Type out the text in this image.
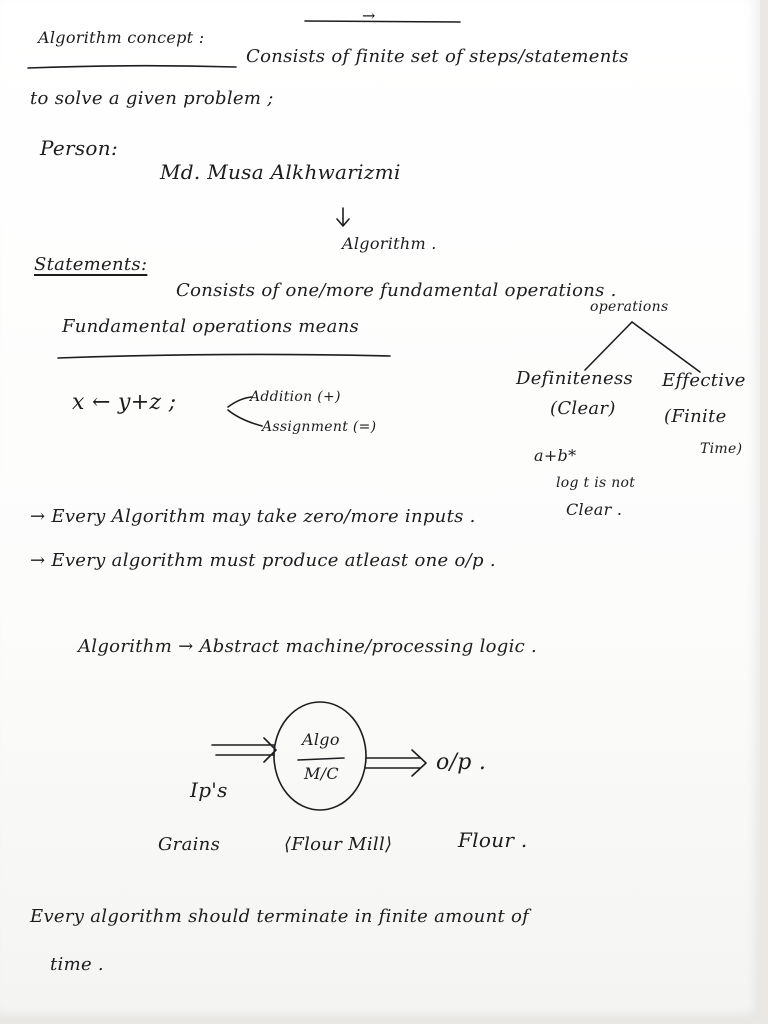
→
Algorithm concept :
Consists of finite set of steps/statements
to solve a given problem ;
Person:
Md. Musa Alkhwarizmi
Algorithm .
Statements:
Consists of one/more fundamental operations .
Fundamental operations means
operations
Definiteness Effective
(Clear)	(Finite
Time)
x ← y+z ;	Addition (+)
Assignment (=)
a+b*
log t is not
Clear .
→ Every Algorithm may take zero/more inputs .
→ Every algorithm must produce atleast one o/p .
Algorithm → Abstract machine/processing logic .
Algo
M/C	o/p .
Ip's
Grains	⟨Flour Mill⟩	Flour .
Every algorithm should terminate in finite amount of
time .
